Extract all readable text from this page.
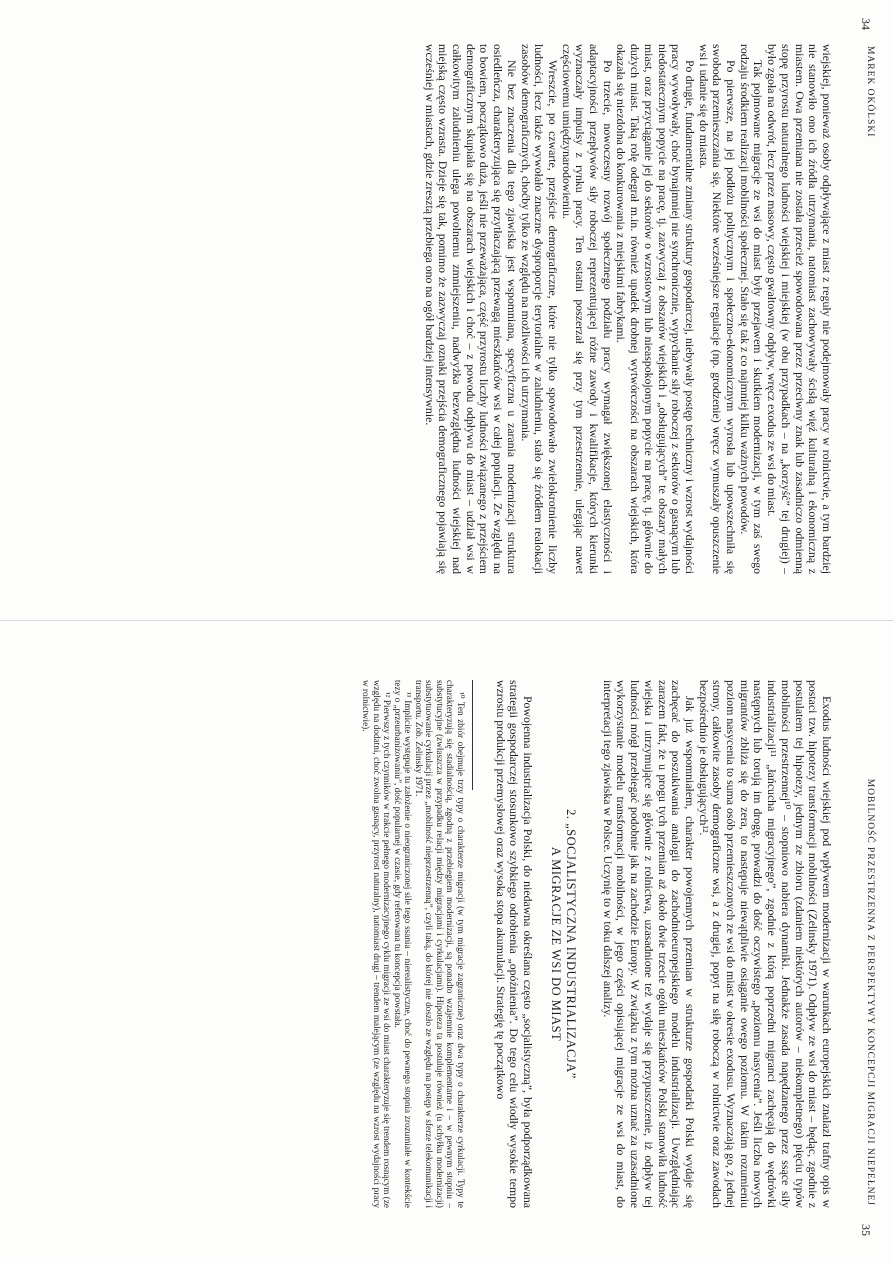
34
MAREK OKÓLSKI

wiejskiej, ponieważ osoby odpływające z miast z reguły nie podejmowały pracy w rolnictwie, a tym bardziej nie stanowiło ono ich źródła utrzymania, natomiast zachowywały ścisłą więź kulturalną i ekonomiczną z miastem. Owa przemiana nie została przecież spowodowana przez przeciwny znak lub zasadniczo odmienną stopę przyrostu naturalnego ludności wiejskiej i miejskiej (w obu przypadkach – na „korzyść” tej drugiej) – było zgoła na odwrót, lecz przez masowy, często gwałtowny odpływ, wręcz exodus ze wsi do miast.

Tak pojmowane migracje ze wsi do miast były przejawem i skutkiem modernizacji, w tym zaś swego rodzaju środkiem realizacji mobilności społecznej. Stało się tak z co najmniej kilku ważnych powodów.

Po pierwsze, na jej podłożu politycznym i społeczno-ekonomicznym wyrosła lub upowszechniła się swoboda przemieszczania się. Niektóre wcześniejsze regulacje (np. grodzenie) wręcz wymuszały opuszczenie wsi i udanie się do miasta.

Po drugie, fundamentalne zmiany struktury gospodarczej, niebywały postęp techniczny i wzrost wydajności pracy wywoływały, choć bynajmniej nie synchronicznie, wypychanie siły roboczej z sektorów o gasnącym lub niedostatecznym popycie na pracę, tj. zazwyczaj z obszarów wiejskich i „obsługujących” te obszary małych miast, oraz przyciąganie jej do sektorów o wzrostowym lub nieaspokojonym popycie na pracę, tj. głównie do dużych miast. Taką rolę odegrał m.in. również upadek drobnej wytwórczości na obszarach wiejskich, która okazała się niezdolna do konkurowania z miejskimi fabrykami.

Po trzecie, nowoczesny rozwój społecznego podziału pracy wymagał zwiększonej elastyczności i adaptacyjności przepływów siły roboczej reprezentującej różne zawody i kwalifikacje, których kierunki wyznaczały impulsy z rynku pracy. Ten ostatni poszerzał się przy tym przestrzennie, ulegając nawet częściowemu umiędzynarodowieniu.

Wreszcie, po czwarte, przejście demograficzne, które nie tylko spowodowało zwielokrotnienie liczby ludności, lecz także wywołało znaczne dysproporcje terytorialne w zaludnieniu, stało się źródłem realokacji zasobów demograficznych, choćby tylko ze względu na możliwości ich utrzymania.

Nie bez znaczenia dla tego zjawiska jest wspomniana, specyficzna u zarania modernizacji struktura osiedleńcza, charakteryzująca się przytłaczającą przewagą mieszkańców wsi w całej populacji. Ze względu na to bowiem, początkowo duża, jeśli nie przeważająca, część przyrostu liczby ludności związanego z przejściem demograficznym skupiała się na obszarach wiejskich i choć – z powodu odpływu do miast – udział wsi w całkowitym zaludnieniu ulega powolnemu zmniejszeniu, nadwyżka bezwzględna ludności wiejskiej nad miejską często wzrasta. Dzieje się tak, pomimo że zazwyczaj oznaki przejścia demograficznego pojawiają się wcześniej w miastach, gdzie zresztą przebiega ono na ogół bardziej intensywnie.

MOBILNOŚĆ PRZESTRZENNA Z PERSPEKTYWY KONCEPCJI MIGRACJI NIEPEŁNEJ
35

Exodus ludności wiejskiej pod wpływem modernizacji w warunkach europejskich znalazł trafny opis w postaci tzw. hipotezy transformacji mobilności (Zelinsky 1971). Odpływ ze wsi do miast – będąc, zgodnie z postulatem tej hipotezy, jednym ze zbioru (zdaniem niektórych autorów – niekompletnego) pięciu typów mobilności przestrzennej¹⁰ – stopniowo nabiera dynamiki. Jednakże zasada napędzanego przez ssące siły industrializacji¹¹ „łańcucha migracyjnego”, zgodnie z którą poprzedni migranci zachęcają do wędrówki następnych lub torują im drogę, prowadzi do dość oczywistego „poziomu nasycenia”. Jeśli liczba nowych migrantów zbliża się do zera, to następuje niewątpliwie osiąganie owego poziomu. W takim rozumieniu poziom nasycenia to suma osób przemieszczonych ze wsi do miast w okresie exodusu. Wyznaczają go, z jednej strony, całkowite zasoby demograficzne wsi, a z drugiej, popyt na siłę roboczą w rolnictwie oraz zawodach bezpośrednio je obsługujących¹².

Jak już wspomniałem, charakter powojennych przemian w strukturze gospodarki Polski wydaje się zachęcać do poszukiwania analogii do zachodnioeuropejskiego modelu industrializacji. Uwzględniając zarazem fakt, że u progu tych przemian aż około dwie trzecie ogółu mieszkańców Polski stanowiła ludność wiejska i utrzymujące się głównie z rolnictwa, uzasadnione też wydaje się przypuszczenie, iż odpływ tej ludności mógł przebiegać podobnie jak na zachodzie Europy. W związku z tym można uznać za uzasadnione wykorzystanie modelu transformacji mobilności, w jego części opisującej migracje ze wsi do miast, do interpretacji tego zjawiska w Polsce. Uczynię to w toku dalszej analizy.

2. „SOCJALISTYCZNA INDUSTRIALIZACJA”
A MIGRACJE ZE WSI DO MIAST

Powojenna industrializacja Polski, do niedawna określana często „socjalistyczną”, była podporządkowana strategii gospodarczej stosunkowo szybkiego odrobienia „opóźnienia”. Do tego celu wiodły wysokie tempo wzrostu produkcji przemysłowej oraz wysoka stopa akumulacji. Strategię tę początkowo

¹⁰ Ten zbiór obejmuje trzy typy o charakterze migracji (w tym migracje zagraniczne) oraz dwa typy o charakterze cyrkulacji. Typy te charakteryzują się stadialnością, zgodną z przebiegiem modernizacji, są ponadto wzajemnie komplementarne i – w pewnym stopniu – substytucyjne (zwłaszcza w przypadku relacji między migracjami i cyrkulacjami). Hipoteza ta postuluje również (u schyłku modernizacji) substytuowanie cyrkulacji przez „mobilność nieprzestrzenną”, czyli taką, do której nie doszło ze względu na postęp w sferze telekomunikacji i transportu. Zob. Zelinsky 1971.

¹¹ Implicite występuje tu założenie o nieograniczonej sile tego ssania – nierealistyczne, choć do pewnego stopnia zrozumiałe w kontekście tezy o „przeurbanizowaniu”, dość popularnej w czasie, gdy referowana tu koncepcja powstała.

¹² Pierwszy z tych czynników w trakcie pełnego modernizacyjnego cyklu migracji ze wsi do miast charakteryzuje się trendem rosnącym (ze względu na dodatni, choć zwolna gasnący, przyrost naturalny), natomiast drugi – trendem malejącym (ze względu na wzrost wydajności pracy w rolnictwie).
